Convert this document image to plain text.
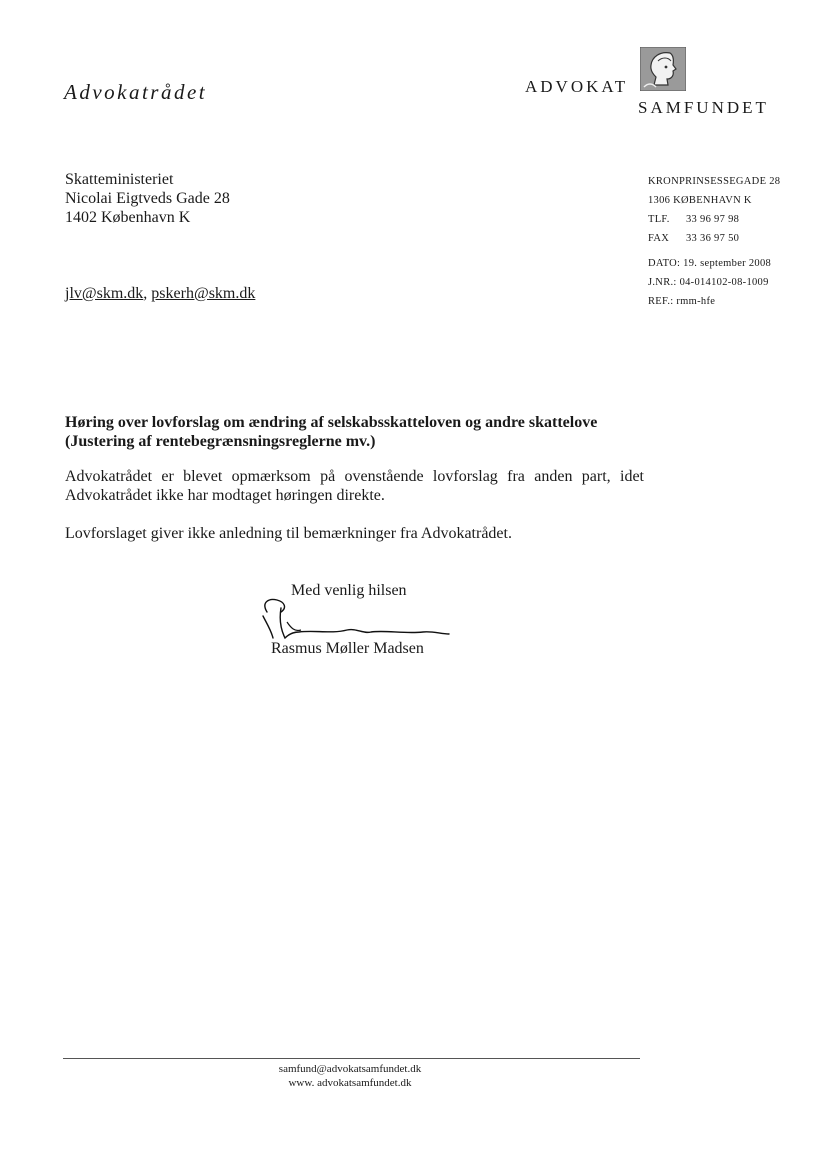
Advokatrådet	ADVOKAT
SAMFUNDET
Skatteministeriet
Nicolai Eigtveds Gade 28
1402 København K
KRONPRINSESSEGADE 28
1306 KØBENHAVN K
TLF. 33 96 97 98
FAX 33 36 97 50
DATO: 19. september 2008
J.NR.: 04-014102-08-1009
REF.: rmm-hfe
jlv@skm.dk, pskerh@skm.dk
Høring over lovforslag om ændring af selskabsskatteloven og andre skattelove
(Justering af rentebegrænsningsreglerne mv.)
Advokatrådet er blevet opmærksom på ovenstående lovforslag fra anden part, idet
Advokatrådet ikke har modtaget høringen direkte.
Lovforslaget giver ikke anledning til bemærkninger fra Advokatrådet.
Med venlig hilsen
Rasmus Møller Madsen
samfund@advokatsamfundet.dk
www. advokatsamfundet.dk
